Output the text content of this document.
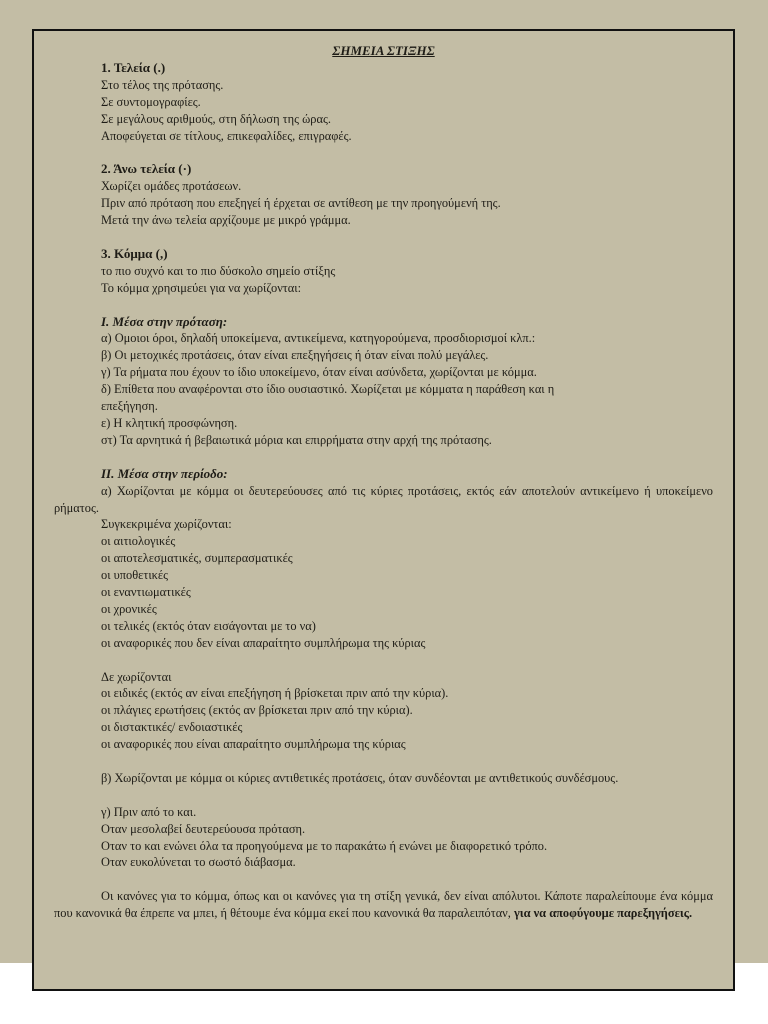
ΣΗΜΕΙΑ ΣΤΙΞΗΣ
1. Τελεία (.)
Στο τέλος της πρότασης.
Σε συντομογραφίες.
Σε μεγάλους αριθμούς, στη δήλωση της ώρας.
Αποφεύγεται σε τίτλους, επικεφαλίδες, επιγραφές.
2. Άνω τελεία (·)
Χωρίζει ομάδες προτάσεων.
Πριν από πρόταση που επεξηγεί ή έρχεται σε αντίθεση με την προηγούμενή της.
Μετά την άνω τελεία αρχίζουμε με μικρό γράμμα.
3. Κόμμα (,)
το πιο συχνό και το πιο δύσκολο σημείο στίξης
Το κόμμα χρησιμεύει για να χωρίζονται:
Ι. Μέσα στην πρόταση:
α) Ομοιοι όροι, δηλαδή υποκείμενα, αντικείμενα, κατηγορούμενα, προσδιορισμοί κλπ.:
β) Οι μετοχικές προτάσεις, όταν είναι επεξηγήσεις ή όταν είναι πολύ μεγάλες.
γ) Τα ρήματα που έχουν το ίδιο υποκείμενο, όταν είναι ασύνδετα, χωρίζονται με κόμμα.
δ) Επίθετα που αναφέρονται στο ίδιο ουσιαστικό. Χωρίζεται με κόμματα η παράθεση και η
επεξήγηση.
ε) Η κλητική προσφώνηση.
στ) Τα αρνητικά ή βεβαιωτικά μόρια και επιρρήματα στην αρχή της πρότασης.
ΙΙ. Μέσα στην περίοδο:
α) Χωρίζονται με κόμμα οι δευτερεύουσες από τις κύριες προτάσεις, εκτός εάν αποτελούν αντικείμενο ή υποκείμενο ρήματος.
Συγκεκριμένα χωρίζονται:
οι αιτιολογικές
οι αποτελεσματικές, συμπερασματικές
οι υποθετικές
οι εναντιωματικές
οι χρονικές
οι τελικές (εκτός όταν εισάγονται με το να)
οι αναφορικές που δεν είναι απαραίτητο συμπλήρωμα της κύριας
Δε χωρίζονται
οι ειδικές (εκτός αν είναι επεξήγηση ή βρίσκεται πριν από την κύρια).
οι πλάγιες ερωτήσεις (εκτός αν βρίσκεται πριν από την κύρια).
οι διστακτικές/ ενδοιαστικές
οι αναφορικές που είναι απαραίτητο συμπλήρωμα της κύριας
β) Χωρίζονται με κόμμα οι κύριες αντιθετικές προτάσεις, όταν συνδέονται με αντιθετικούς συνδέσμους.
γ) Πριν από το και.
Οταν μεσολαβεί δευτερεύουσα πρόταση.
Οταν το και ενώνει όλα τα προηγούμενα με το παρακάτω ή ενώνει με διαφορετικό τρόπο.
Οταν ευκολύνεται το σωστό διάβασμα.
Οι κανόνες για το κόμμα, όπως και οι κανόνες για τη στίξη γενικά, δεν είναι απόλυτοι. Κάποτε παραλείπουμε ένα κόμμα που κανονικά θα έπρεπε να μπει, ή θέτουμε ένα κόμμα εκεί που κανονικά θα παραλειπόταν, για να αποφύγουμε παρεξηγήσεις.
